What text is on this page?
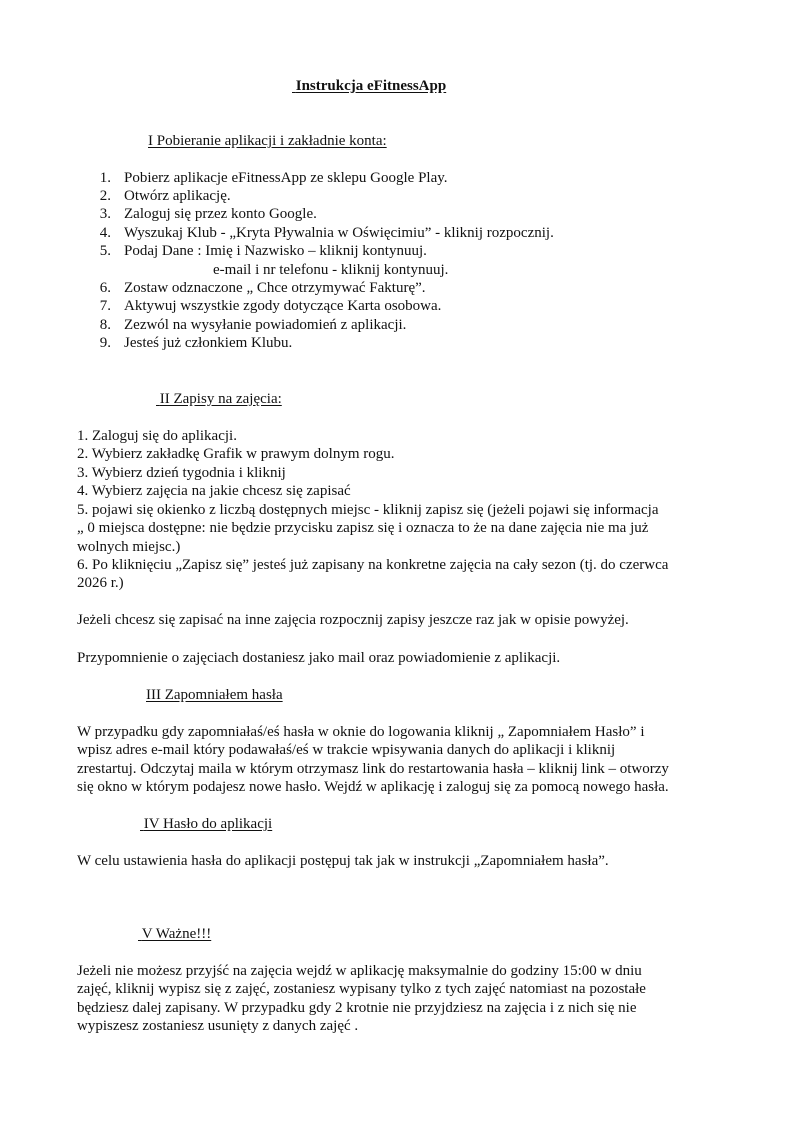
Instrukcja eFitnessApp
I Pobieranie aplikacji i zakładnie konta:
1. Pobierz aplikacje eFitnessApp ze sklepu Google Play.
2. Otwórz aplikację.
3. Zaloguj się przez konto Google.
4. Wyszukaj Klub - „Kryta Pływalnia w Oświęcimiu” - kliknij rozpocznij.
5. Podaj Dane : Imię i Nazwisko – kliknij kontynuuj.
e-mail i nr telefonu - kliknij kontynuuj.
6. Zostaw odznaczone „ Chce otrzymywać Fakturę”.
7. Aktywuj wszystkie zgody dotyczące Karta osobowa.
8. Zezwól na wysyłanie powiadomień z aplikacji.
9. Jesteś już członkiem Klubu.
II Zapisy na zajęcia:
1. Zaloguj się do aplikacji.
2. Wybierz zakładkę Grafik w prawym dolnym rogu.
3. Wybierz dzień tygodnia i kliknij
4. Wybierz zajęcia na jakie chcesz się zapisać
5. pojawi się okienko z liczbą dostępnych miejsc - kliknij zapisz się (jeżeli pojawi się informacja
„ 0 miejsca dostępne: nie będzie przycisku zapisz się i oznacza to że na dane zajęcia nie ma już
wolnych miejsc.)
6. Po kliknięciu „Zapisz się” jesteś już zapisany na konkretne zajęcia na cały sezon (tj. do czerwca
2026 r.)
Jeżeli chcesz się zapisać na inne zajęcia rozpocznij zapisy jeszcze raz jak w opisie powyżej.
Przypomnienie o zajęciach dostaniesz jako mail oraz powiadomienie z aplikacji.
III Zapomniałem hasła
W przypadku gdy zapomniałaś/eś hasła w oknie do logowania kliknij „ Zapomniałem Hasło” i
wpisz adres e-mail który podawałaś/eś w trakcie wpisywania danych do aplikacji i kliknij
zrestartuj. Odczytaj maila w którym otrzymasz link do restartowania hasła – kliknij link – otworzy
się okno w którym podajesz nowe hasło. Wejdź w aplikację i zaloguj się za pomocą nowego hasła.
IV Hasło do aplikacji
W celu ustawienia hasła do aplikacji postępuj tak jak w instrukcji „Zapomniałem hasła”.
V Ważne!!!
Jeżeli nie możesz przyjść na zajęcia wejdź w aplikację maksymalnie do godziny 15:00 w dniu
zajęć, kliknij wypisz się z zajęć, zostaniesz wypisany tylko z tych zajęć natomiast na pozostałe
będziesz dalej zapisany. W przypadku gdy 2 krotnie nie przyjdziesz na zajęcia i z nich się nie
wypiszesz zostaniesz usunięty z danych zajęć .
